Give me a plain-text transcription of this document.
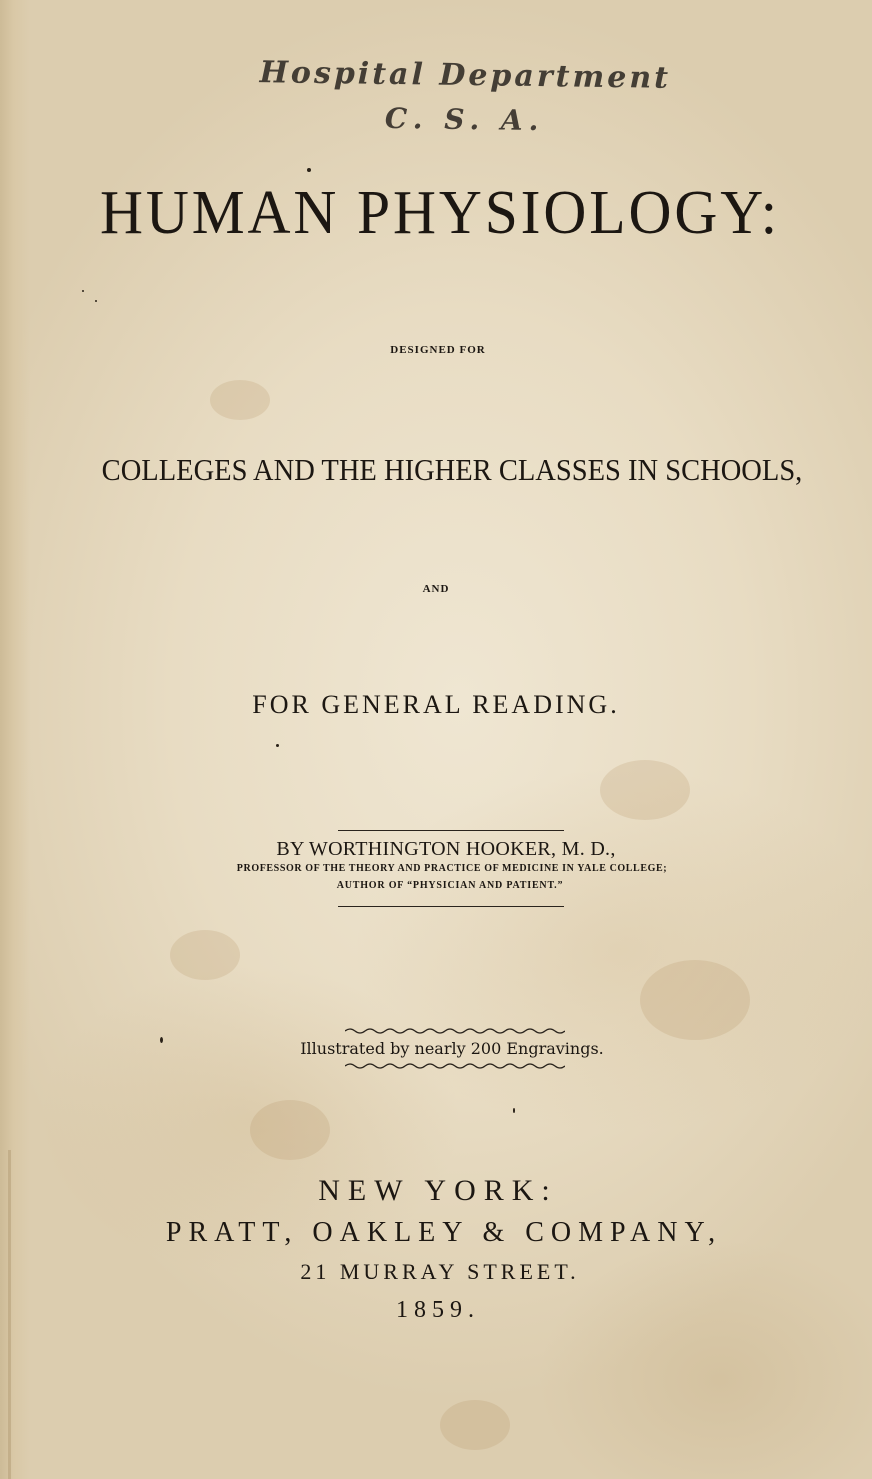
Hospital Department
C. S. A.
HUMAN PHYSIOLOGY:
DESIGNED FOR
COLLEGES AND THE HIGHER CLASSES IN SCHOOLS,
AND
FOR GENERAL READING.
BY WORTHINGTON HOOKER, M. D.,
PROFESSOR OF THE THEORY AND PRACTICE OF MEDICINE IN YALE COLLEGE;
AUTHOR OF “PHYSICIAN AND PATIENT.”
Illustrated by nearly 200 Engravings.
NEW YORK:
PRATT, OAKLEY & COMPANY,
21 MURRAY STREET.
1859.
